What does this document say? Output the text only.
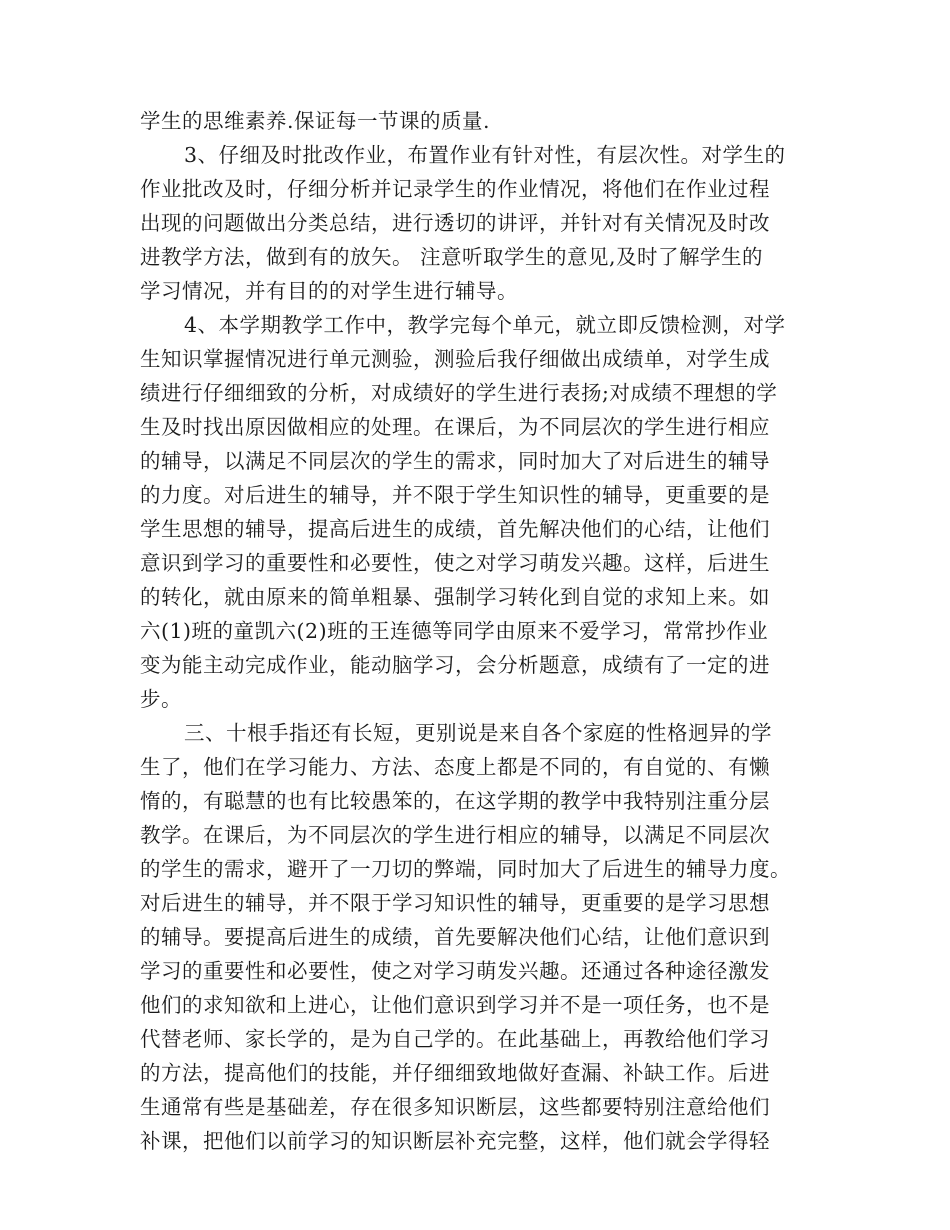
学生的思维素养.保证每一节课的质量.
3、仔细及时批改作业，布置作业有针对性，有层次性。对学生的
作业批改及时，仔细分析并记录学生的作业情况，将他们在作业过程
出现的问题做出分类总结，进行透切的讲评，并针对有关情况及时改
进教学方法，做到有的放矢。 注意听取学生的意见,及时了解学生的
学习情况，并有目的的对学生进行辅导。
4、本学期教学工作中，教学完每个单元，就立即反馈检测，对学
生知识掌握情况进行单元测验，测验后我仔细做出成绩单，对学生成
绩进行仔细细致的分析，对成绩好的学生进行表扬;对成绩不理想的学
生及时找出原因做相应的处理。在课后，为不同层次的学生进行相应
的辅导，以满足不同层次的学生的需求，同时加大了对后进生的辅导
的力度。对后进生的辅导，并不限于学生知识性的辅导，更重要的是
学生思想的辅导，提高后进生的成绩，首先解决他们的心结，让他们
意识到学习的重要性和必要性，使之对学习萌发兴趣。这样，后进生
的转化，就由原来的简单粗暴、强制学习转化到自觉的求知上来。如
六(1)班的童凯六(2)班的王连德等同学由原来不爱学习，常常抄作业
变为能主动完成作业，能动脑学习，会分析题意，成绩有了一定的进
步。
三、十根手指还有长短，更别说是来自各个家庭的性格迥异的学
生了，他们在学习能力、方法、态度上都是不同的，有自觉的、有懒
惰的，有聪慧的也有比较愚笨的，在这学期的教学中我特别注重分层
教学。在课后，为不同层次的学生进行相应的辅导，以满足不同层次
的学生的需求，避开了一刀切的弊端，同时加大了后进生的辅导力度。
对后进生的辅导，并不限于学习知识性的辅导，更重要的是学习思想
的辅导。要提高后进生的成绩，首先要解决他们心结，让他们意识到
学习的重要性和必要性，使之对学习萌发兴趣。还通过各种途径激发
他们的求知欲和上进心，让他们意识到学习并不是一项任务，也不是
代替老师、家长学的，是为自己学的。在此基础上，再教给他们学习
的方法，提高他们的技能，并仔细细致地做好查漏、补缺工作。后进
生通常有些是基础差，存在很多知识断层，这些都要特别注意给他们
补课，把他们以前学习的知识断层补充完整，这样，他们就会学得轻
